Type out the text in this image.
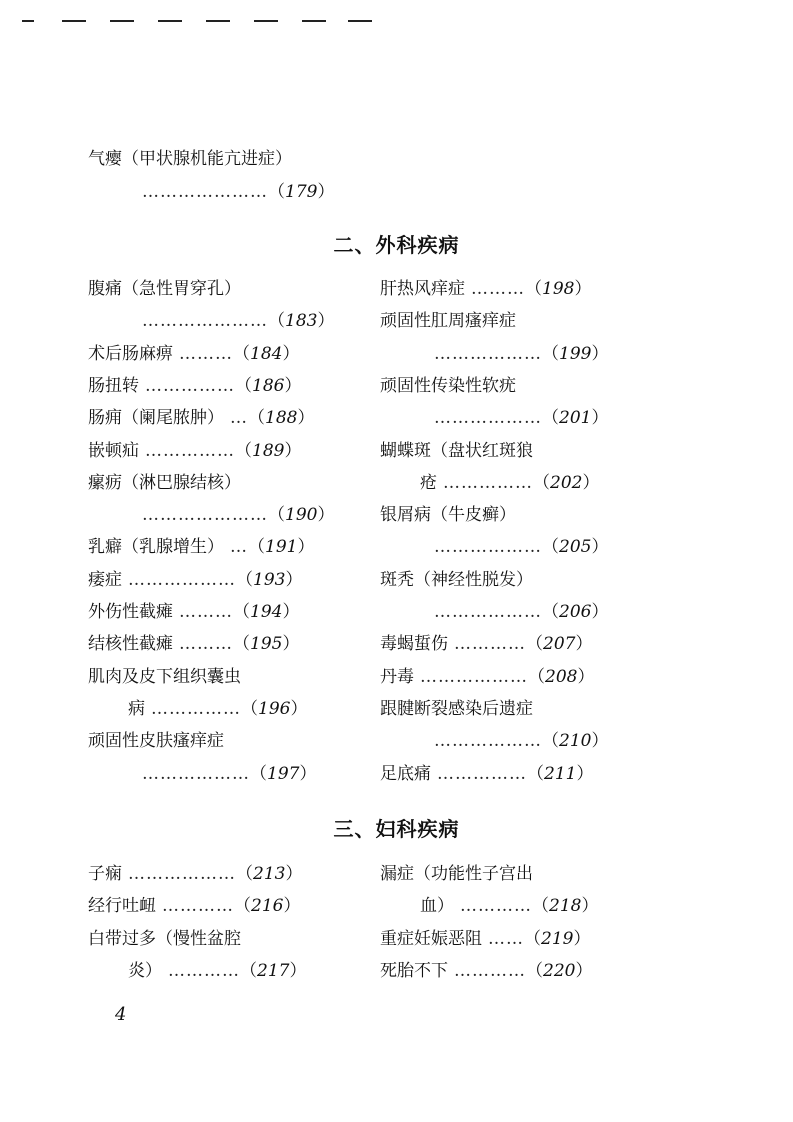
气瘿（甲状腺机能亢进症）
………………… （ 179 ）
二、外科疾病
三、妇科疾病
腹痛（急性胃穿孔）
………………… （ 183 ）
术后肠麻痹 ……… （ 184 ）
肠扭转 …………… （ 186 ）
肠痈（阑尾脓肿） … （ 188 ）
嵌顿疝 …………… （ 189 ）
瘰疬（淋巴腺结核）
………………… （ 190 ）
乳癖（乳腺增生） … （ 191 ）
痿症 ……………… （ 193 ）
外伤性截瘫 ……… （ 194 ）
结核性截瘫 ……… （ 195 ）
肌肉及皮下组织囊虫
病 …………… （ 196 ）
顽固性皮肤瘙痒症
……………… （ 197 ）
肝热风痒症 ……… （ 198 ）
顽固性肛周瘙痒症
……………… （ 199 ）
顽固性传染性软疣
……………… （ 201 ）
蝴蝶斑（盘状红斑狼
疮 …………… （ 202 ）
银屑病（牛皮癣）
……………… （ 205 ）
斑秃（神经性脱发）
……………… （ 206 ）
毒蝎蜇伤 ………… （ 207 ）
丹毒 ……………… （ 208 ）
跟腱断裂感染后遗症
……………… （ 210 ）
足底痛 …………… （ 211 ）
子痫 ……………… （ 213 ）
经行吐衄 ………… （ 216 ）
白带过多（慢性盆腔
炎） ………… （ 217 ）
漏症（功能性子宫出
血） ………… （ 218 ）
重症妊娠恶阻 …… （ 219 ）
死胎不下 ………… （ 220 ）
4
